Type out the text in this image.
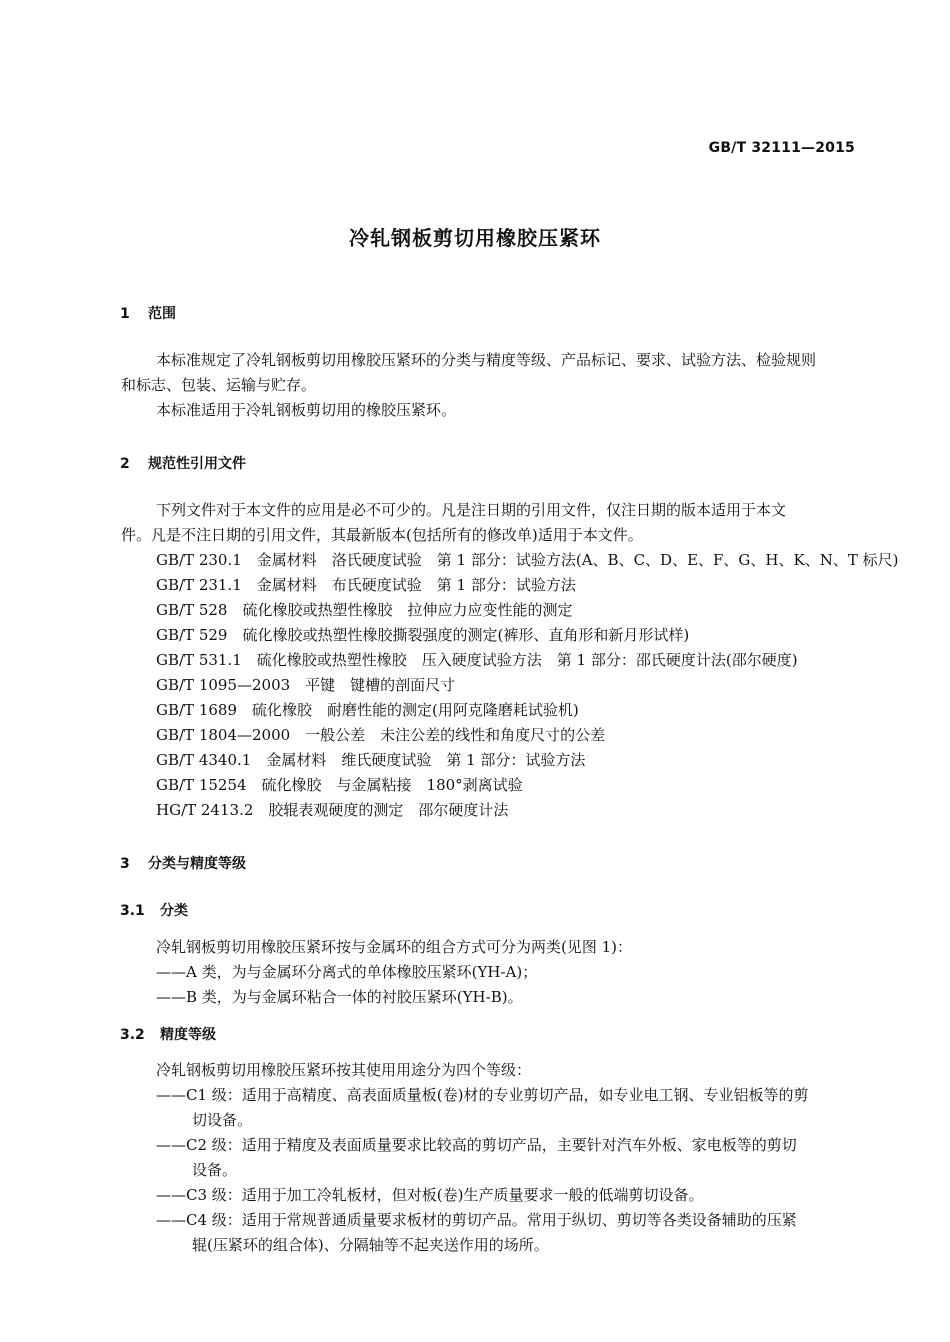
GB/T 32111—2015
冷轧钢板剪切用橡胶压紧环
1 范围
本标准规定了冷轧钢板剪切用橡胶压紧环的分类与精度等级、产品标记、要求、试验方法、检验规则
和标志、包装、运输与贮存。
本标准适用于冷轧钢板剪切用的橡胶压紧环。
2 规范性引用文件
下列文件对于本文件的应用是必不可少的。凡是注日期的引用文件，仅注日期的版本适用于本文
件。凡是不注日期的引用文件，其最新版本(包括所有的修改单)适用于本文件。
GB/T 230.1　金属材料　洛氏硬度试验　第 1 部分：试验方法(A、B、C、D、E、F、G、H、K、N、T 标尺)
GB/T 231.1　金属材料　布氏硬度试验　第 1 部分：试验方法
GB/T 528　硫化橡胶或热塑性橡胶　拉伸应力应变性能的测定
GB/T 529　硫化橡胶或热塑性橡胶撕裂强度的测定(裤形、直角形和新月形试样)
GB/T 531.1　硫化橡胶或热塑性橡胶　压入硬度试验方法　第 1 部分：邵氏硬度计法(邵尔硬度)
GB/T 1095—2003　平键　键槽的剖面尺寸
GB/T 1689　硫化橡胶　耐磨性能的测定(用阿克隆磨耗试验机)
GB/T 1804—2000　一般公差　未注公差的线性和角度尺寸的公差
GB/T 4340.1　金属材料　维氏硬度试验　第 1 部分：试验方法
GB/T 15254　硫化橡胶　与金属粘接　180°剥离试验
HG/T 2413.2　胶辊表观硬度的测定　邵尔硬度计法
3 分类与精度等级
3.1 分类
冷轧钢板剪切用橡胶压紧环按与金属环的组合方式可分为两类(见图 1)：
——A 类，为与金属环分离式的单体橡胶压紧环(YH-A)；
——B 类，为与金属环粘合一体的衬胶压紧环(YH-B)。
3.2 精度等级
冷轧钢板剪切用橡胶压紧环按其使用用途分为四个等级：
——C1 级：适用于高精度、高表面质量板(卷)材的专业剪切产品，如专业电工钢、专业铝板等的剪
切设备。
——C2 级：适用于精度及表面质量要求比较高的剪切产品，主要针对汽车外板、家电板等的剪切
设备。
——C3 级：适用于加工冷轧板材，但对板(卷)生产质量要求一般的低端剪切设备。
——C4 级：适用于常规普通质量要求板材的剪切产品。常用于纵切、剪切等各类设备辅助的压紧
辊(压紧环的组合体)、分隔轴等不起夹送作用的场所。
